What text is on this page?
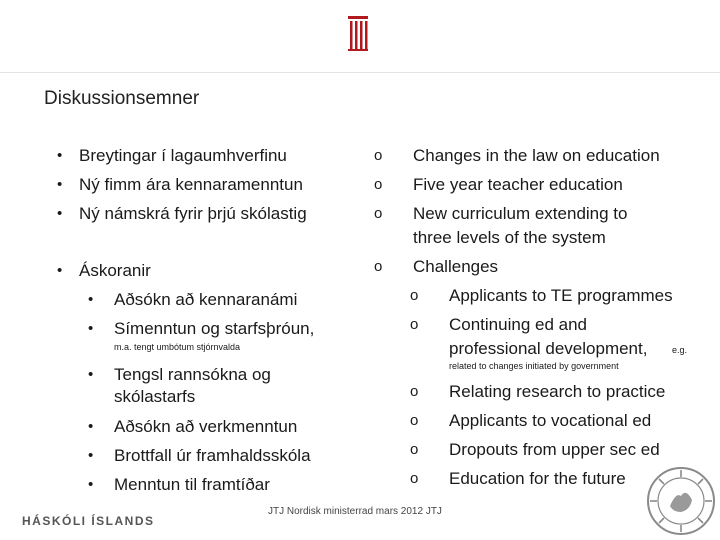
Diskussionsemner
• Breytingar í lagaumhverfinu
• Ný fimm ára kennaramenntun
• Ný námskrá fyrir þrjú skólastig
• Áskoranir
• Aðsókn að kennaranámi
• Símenntun og starfsþróun,
m.a. tengt umbótum stjórnvalda
• Tengsl rannsókna og
skólastarfs
• Aðsókn að verkmenntun
• Brottfall úr framhaldsskóla
• Menntun til framtíðar
o Changes in the law on education
o Five year teacher education
o New curriculum extending to
three levels of the system
o Challenges
o Applicants to TE programmes
o Continuing ed and
professional development,	e.g.
related to changes initiated by government
o Relating research to practice
o Applicants to vocational ed
o Dropouts from upper sec ed
o Education for the future
HÁSKÓLI ÍSLANDS
JTJ Nordisk ministerrad mars 2012 JTJ
